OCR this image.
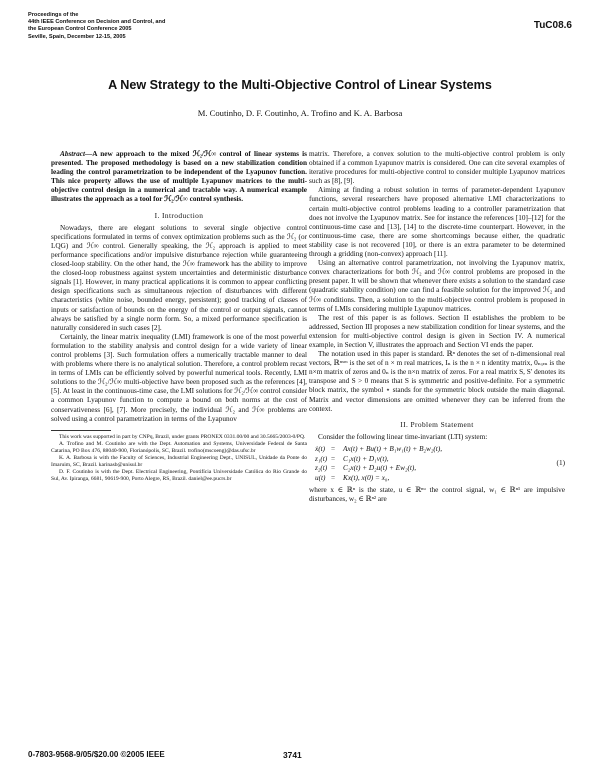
Proceedings of the
44th IEEE Conference on Decision and Control, and
the European Control Conference 2005
Seville, Spain, December 12-15, 2005
TuC08.6
A New Strategy to the Multi-Objective Control of Linear Systems
M. Coutinho, D. F. Coutinho, A. Trofino and K. A. Barbosa

Abstract—A new approach to the mixed ℋ₂/ℋ∞ control of linear systems is presented. The proposed methodology is based on a new stabilization condition leading the control parametrization to be independent of the Lyapunov function. This nice property allows the use of multiple Lyapunov matrices to the multi-objective control design in a numerical and tractable way. A numerical example illustrates the approach as a tool for ℋ₂/ℋ∞ control synthesis.

I. Introduction

Nowadays, there are elegant solutions to several single objective control specifications formulated in terms of convex optimization problems such as the ℋ₂ (or LQG) and ℋ∞ control. Generally speaking, the ℋ₂ approach is applied to meet performance specifications and/or impulsive disturbance rejection while guaranteeing closed-loop stability. On the other hand, the ℋ∞ framework has the ability to improve the closed-loop robustness against system uncertainties and deterministic disturbance signals [1]. However, in many practical applications it is common to appear conflicting design specifications such as simultaneous rejection of disturbances with different characteristics (white noise, bounded energy, persistent); good tracking of classes of inputs or satisfaction of bounds on the energy of the control or output signals, cannot always be satisfied by a single norm form. So, a mixed performance specification is naturally considered in such cases [2].

Certainly, the linear matrix inequality (LMI) framework is one of the most powerful formulation to the stability analysis and control design for a wide variety of linear control problems [3]. Such formulation offers a numerically tractable manner to deal with problems where there is no analytical solution. Therefore, a control problem recast in terms of LMIs can be efficiently solved by powerful numerical tools. Recently, LMI solutions to the ℋ₂/ℋ∞ multi-objective have been proposed such as the references [4], [5]. At least in the continuous-time case, the LMI solutions for ℋ₂/ℋ∞ control consider a common Lyapunov function to compute a bound on both norms at the cost of conservativeness [6], [7]. More precisely, the individual ℋ₂ and ℋ∞ problems are solved using a control parametrization in terms of the Lyapunov

This work was supported in part by CNPq, Brazil, under grants PRONEX 0331.00/00 and 30.5665/2003-0/PQ.
A. Trofino and M. Coutinho are with the Dept. Automation and Systems, Universidade Federal de Santa Catarina, PO Box 476, 88040-900, Florianópolis, SC, Brazil. trofino(mscoeng)@das.ufsc.br
K. A. Barbosa is with the Faculty of Sciences, Industrial Engineering Dept., UNISUL, Unidade da Ponte do Imaruim, SC, Brazil. karinasb@unisul.br
D. F. Coutinho is with the Dept. Electrical Engineering, Pontifícia Universidade Católica do Rio Grande do Sul, Av. Ipiranga, 6681, 90619-900, Porto Alegre, RS, Brazil. daniel@ee.pucrs.br

matrix. Therefore, a convex solution to the multi-objective control problem is only obtained if a common Lyapunov matrix is considered. One can cite several examples of iterative procedures for multi-objective control to consider multiple Lyapunov matrices such as [8], [9].

Aiming at finding a robust solution in terms of parameter-dependent Lyapunov functions, several researchers have proposed alternative LMI characterizations to certain multi-objective control problems leading to a controller parametrization that does not involve the Lyapunov matrix. See for instance the references [10]–[12] for the continuous-time case and [13], [14] to the discrete-time counterpart. However, in the continuous-time case, there are some shortcomings because either, the quadratic stability case is not recovered [10], or there is an extra parameter to be determined through a gridding (non-convex) approach [11].

Using an alternative control parametrization, not involving the Lyapunov matrix, convex characterizations for both ℋ₂ and ℋ∞ control problems are proposed in the present paper. It will be shown that whenever there exists a solution to the standard case (quadratic stability condition) one can find a feasible solution for the improved ℋ₂ and ℋ∞ conditions. Then, a solution to the multi-objective control problem is proposed in terms of LMIs considering multiple Lyapunov matrices.

The rest of this paper is as follows. Section II establishes the problem to be addressed, Section III proposes a new stabilization condition for linear systems, and the extension for multi-objective control design is given in Section IV. A numerical example, in Section V, illustrates the approach and Section VI ends the paper.

The notation used in this paper is standard. ℝⁿ denotes the set of n-dimensional real vectors, ℝⁿˣᵐ is the set of n × m real matrices, Iₙ is the n × n identity matrix, 0ₙₓₘ is the n×m matrix of zeros and 0ₙ is the n×n matrix of zeros. For a real matrix S, S′ denotes its transpose and S > 0 means that S is symmetric and positive-definite. For a symmetric block matrix, the symbol ⋆ stands for the symmetric block outside the main diagonal. Matrix and vector dimensions are omitted whenever they can be inferred from the context.

II. Problem Statement

Consider the following linear time-invariant (LTI) system:

ẋ(t) =	Ax(t) + Bu(t) + B₁w₁(t) + B₂w₂(t),
z₁(t) =	C₁x(t) + D₁v(t),
z₂(t) =	C₂x(t) + D₂u(t) + Ew₂(t),
u(t) =	Kx(t), x(0) = x₀,
(1)

where x ∈ ℝⁿ is the state, u ∈ ℝⁿᵘ the control signal, w₁ ∈ ℝⁿ¹ are impulsive disturbances, w₂ ∈ ℝⁿ² are

0-7803-9568-9/05/$20.00 ©2005 IEEE	3741
